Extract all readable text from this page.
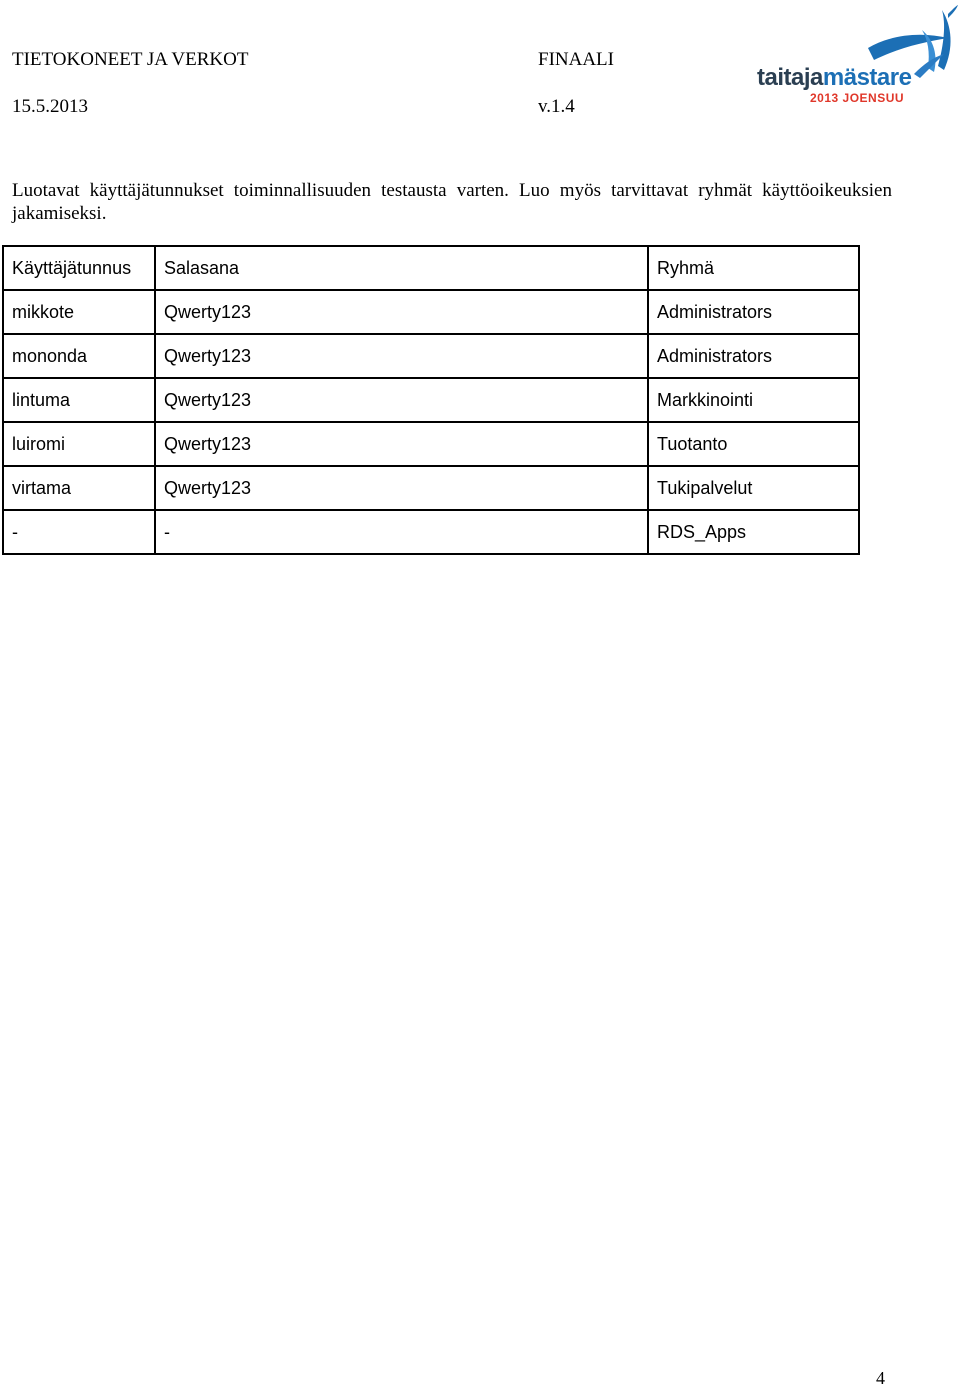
TIETOKONEET JA VERKOT	FINAALI
15.5.2013	v.1.4
taitajamästare
2013 JOENSUU
Luotavat käyttäjätunnukset toiminnallisuuden testausta varten. Luo myös tarvittavat ryhmät käyttöoikeuksien jakamiseksi.
Käyttäjätunnus	Salasana	Ryhmä
mikkote	Qwerty123	Administrators
mononda	Qwerty123	Administrators
lintuma	Qwerty123	Markkinointi
luiromi	Qwerty123	Tuotanto
virtama	Qwerty123	Tukipalvelut
-	-	RDS_Apps
4
